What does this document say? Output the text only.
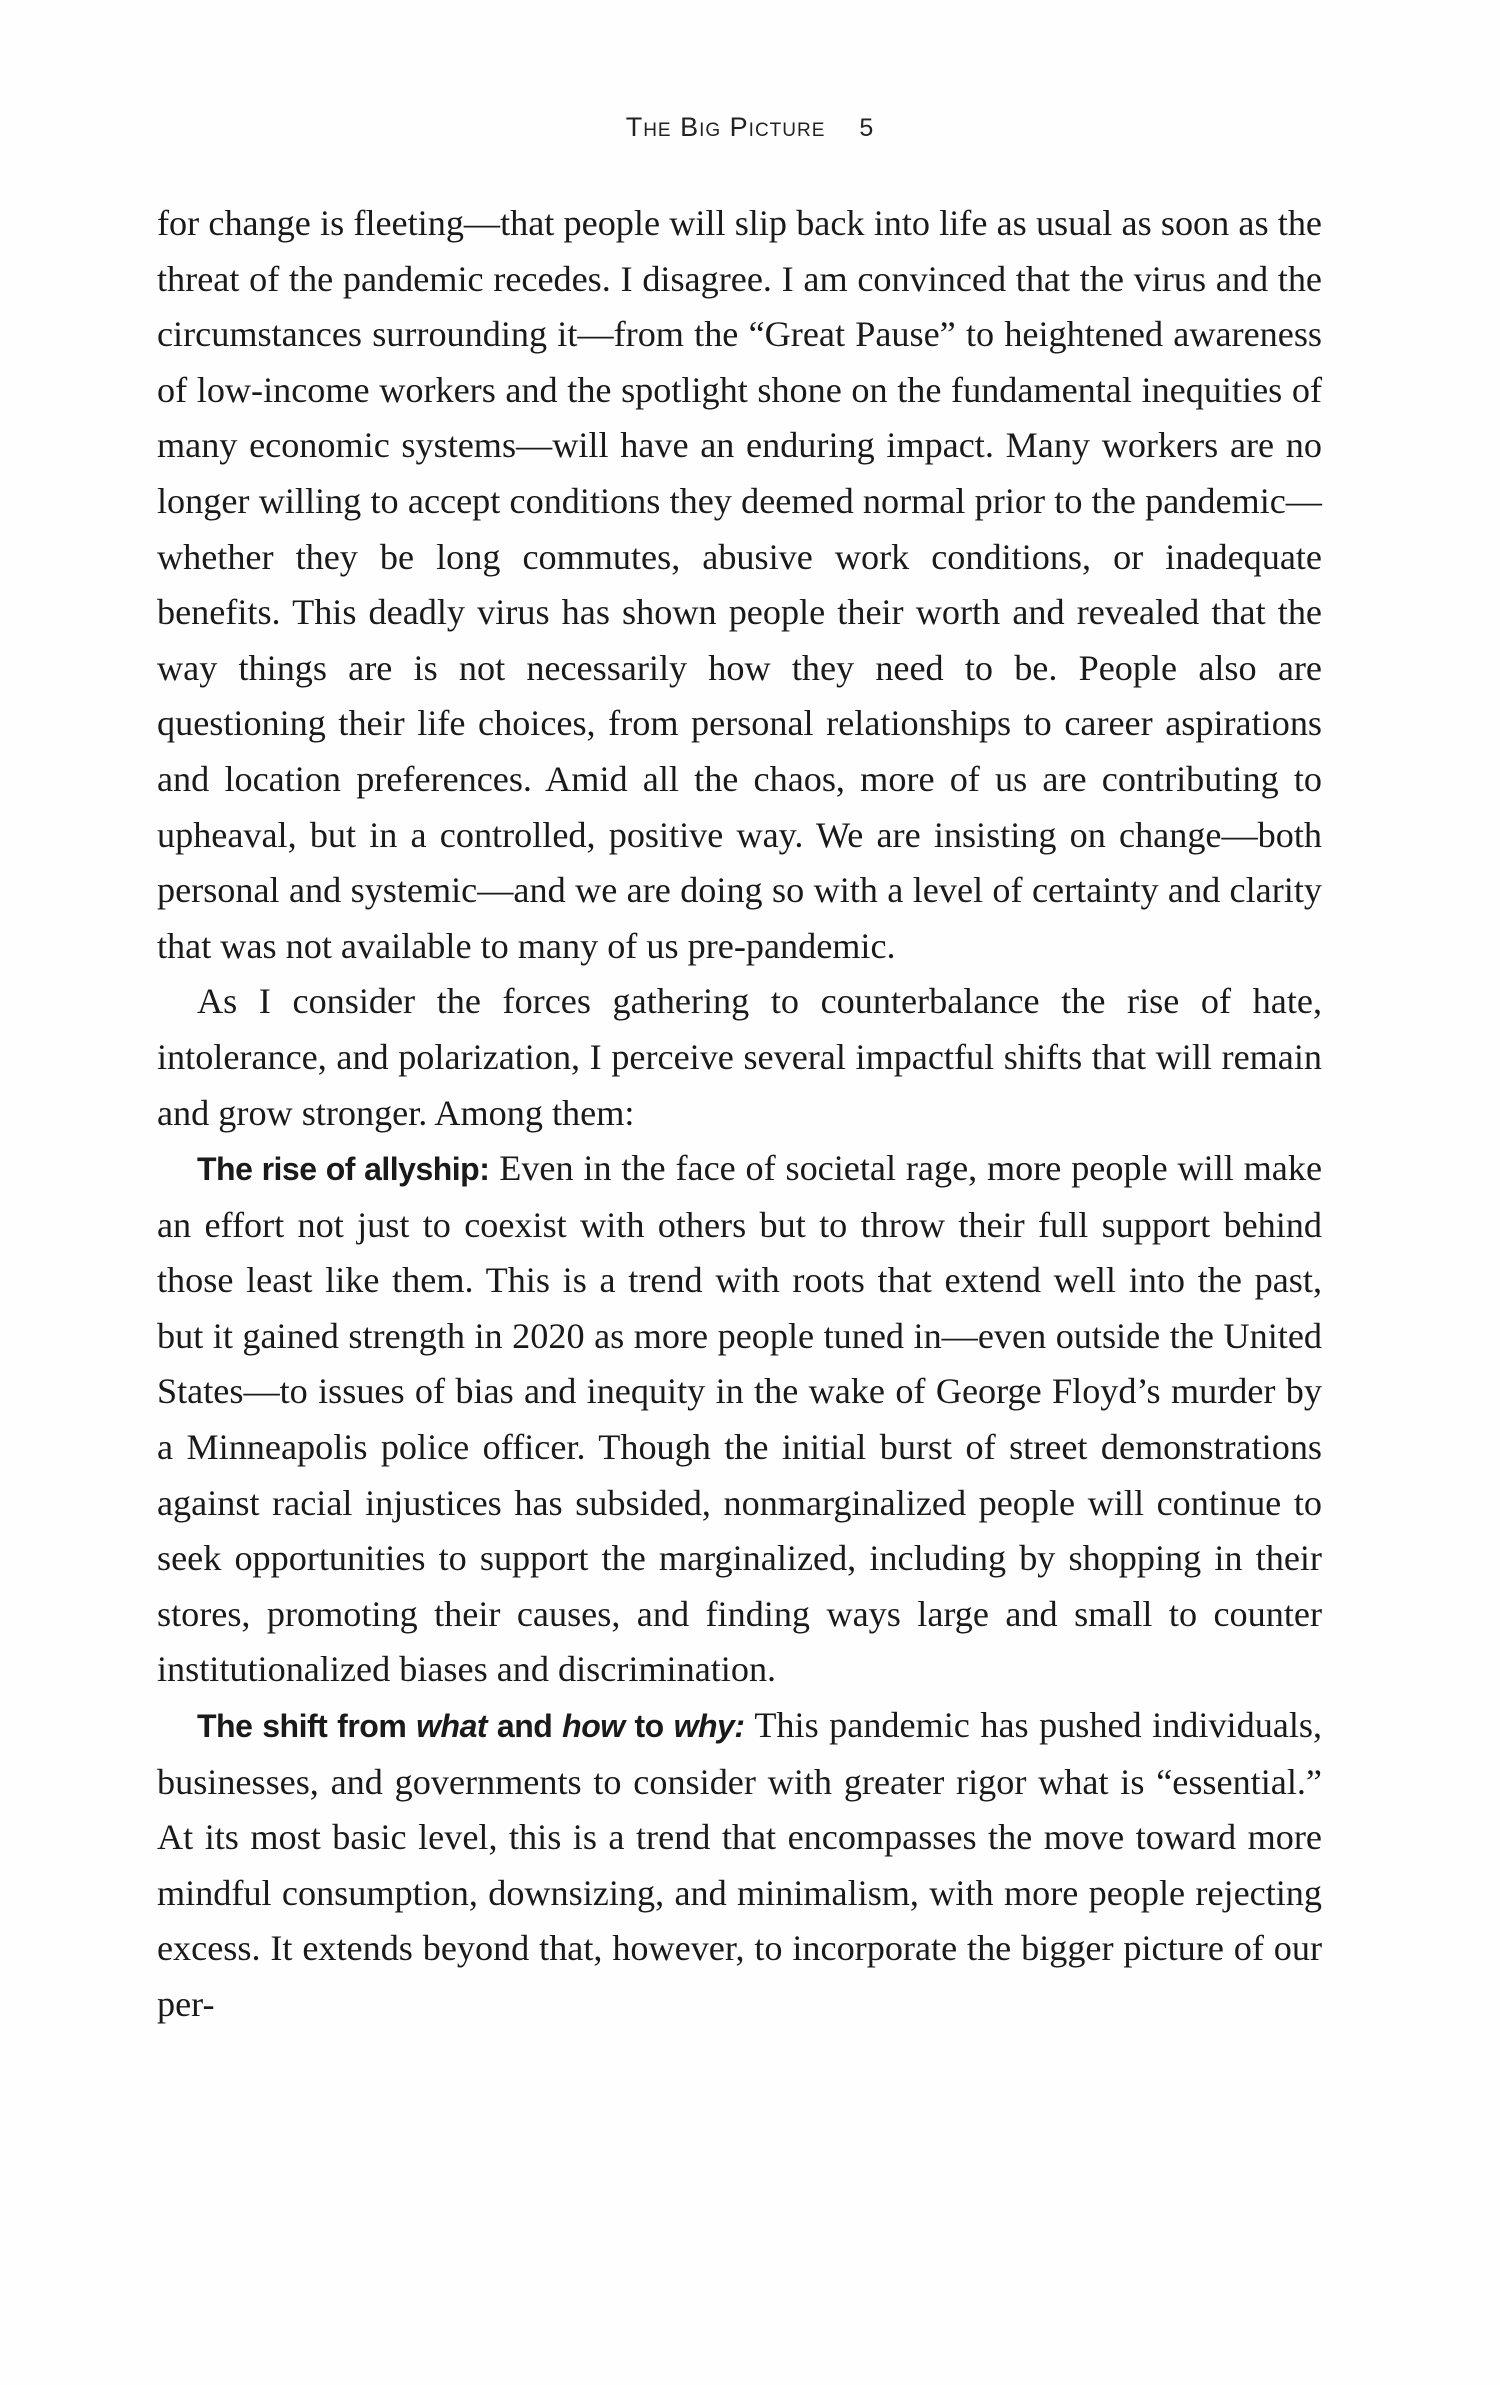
The Big Picture 5

for change is fleeting—that people will slip back into life as usual as soon as the threat of the pandemic recedes. I disagree. I am convinced that the virus and the circumstances surrounding it—from the “Great Pause” to heightened awareness of low-income workers and the spotlight shone on the fundamental inequities of many economic systems—will have an enduring impact. Many workers are no longer willing to accept conditions they deemed normal prior to the pandemic—whether they be long commutes, abusive work conditions, or inadequate benefits. This deadly virus has shown people their worth and revealed that the way things are is not necessarily how they need to be. People also are questioning their life choices, from personal relationships to career aspirations and location preferences. Amid all the chaos, more of us are contributing to upheaval, but in a controlled, positive way. We are insisting on change—both personal and systemic—and we are doing so with a level of certainty and clarity that was not available to many of us pre-pandemic.

As I consider the forces gathering to counterbalance the rise of hate, intolerance, and polarization, I perceive several impactful shifts that will remain and grow stronger. Among them:

The rise of allyship: Even in the face of societal rage, more people will make an effort not just to coexist with others but to throw their full support behind those least like them. This is a trend with roots that extend well into the past, but it gained strength in 2020 as more people tuned in—even outside the United States—to issues of bias and inequity in the wake of George Floyd’s murder by a Minneapolis police officer. Though the initial burst of street demonstrations against racial injustices has subsided, nonmarginalized people will continue to seek opportunities to support the marginalized, including by shopping in their stores, promoting their causes, and finding ways large and small to counter institutionalized biases and discrimination.

The shift from what and how to why: This pandemic has pushed individuals, businesses, and governments to consider with greater rigor what is “essential.” At its most basic level, this is a trend that encompasses the move toward more mindful consumption, downsizing, and minimalism, with more people rejecting excess. It extends beyond that, however, to incorporate the bigger picture of our per-
